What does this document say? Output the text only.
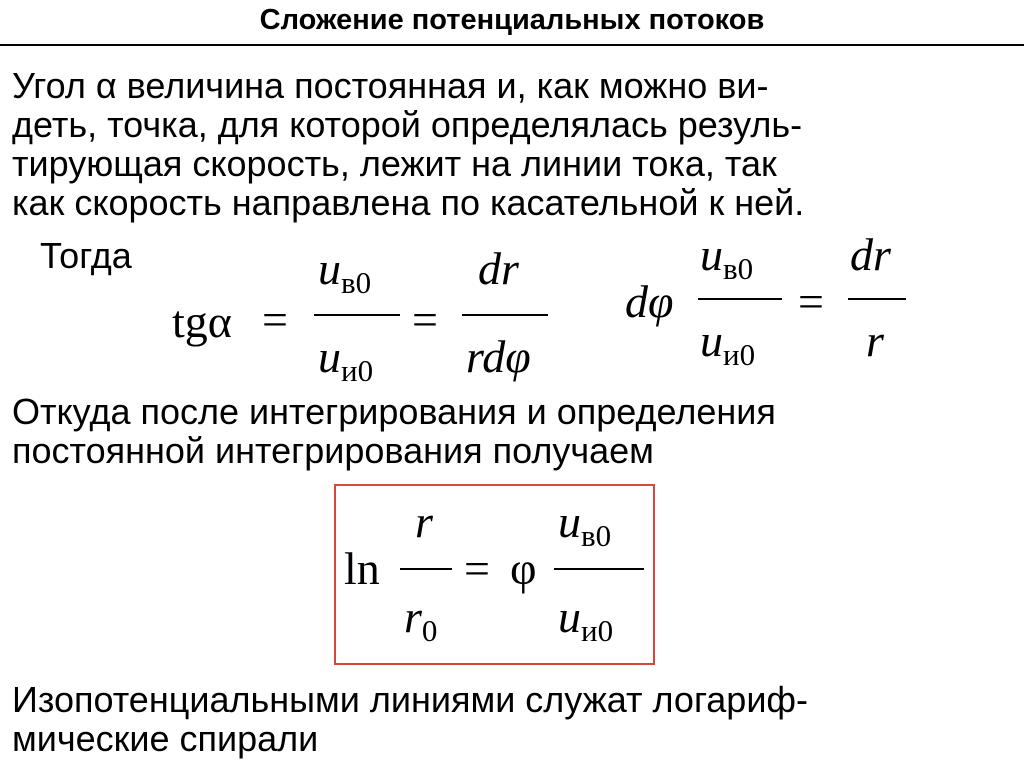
Сложение потенциальных потоков
Угол α величина постоянная и, как можно ви-
деть, точка, для которой определялась резуль-
тирующая скорость, лежит на линии тока, так
как скорость направлена по касательной к ней.
Тогда
tgα =
uв0
uи0
=
dr
rdφ
dφ
uв0
uи0
=
dr
r
Откуда после интегрирования и определения
постоянной интегрирования получаем
ln
r
r0
= φ
uв0
uи0
Изопотенциальными линиями служат логариф-
мические спирали
